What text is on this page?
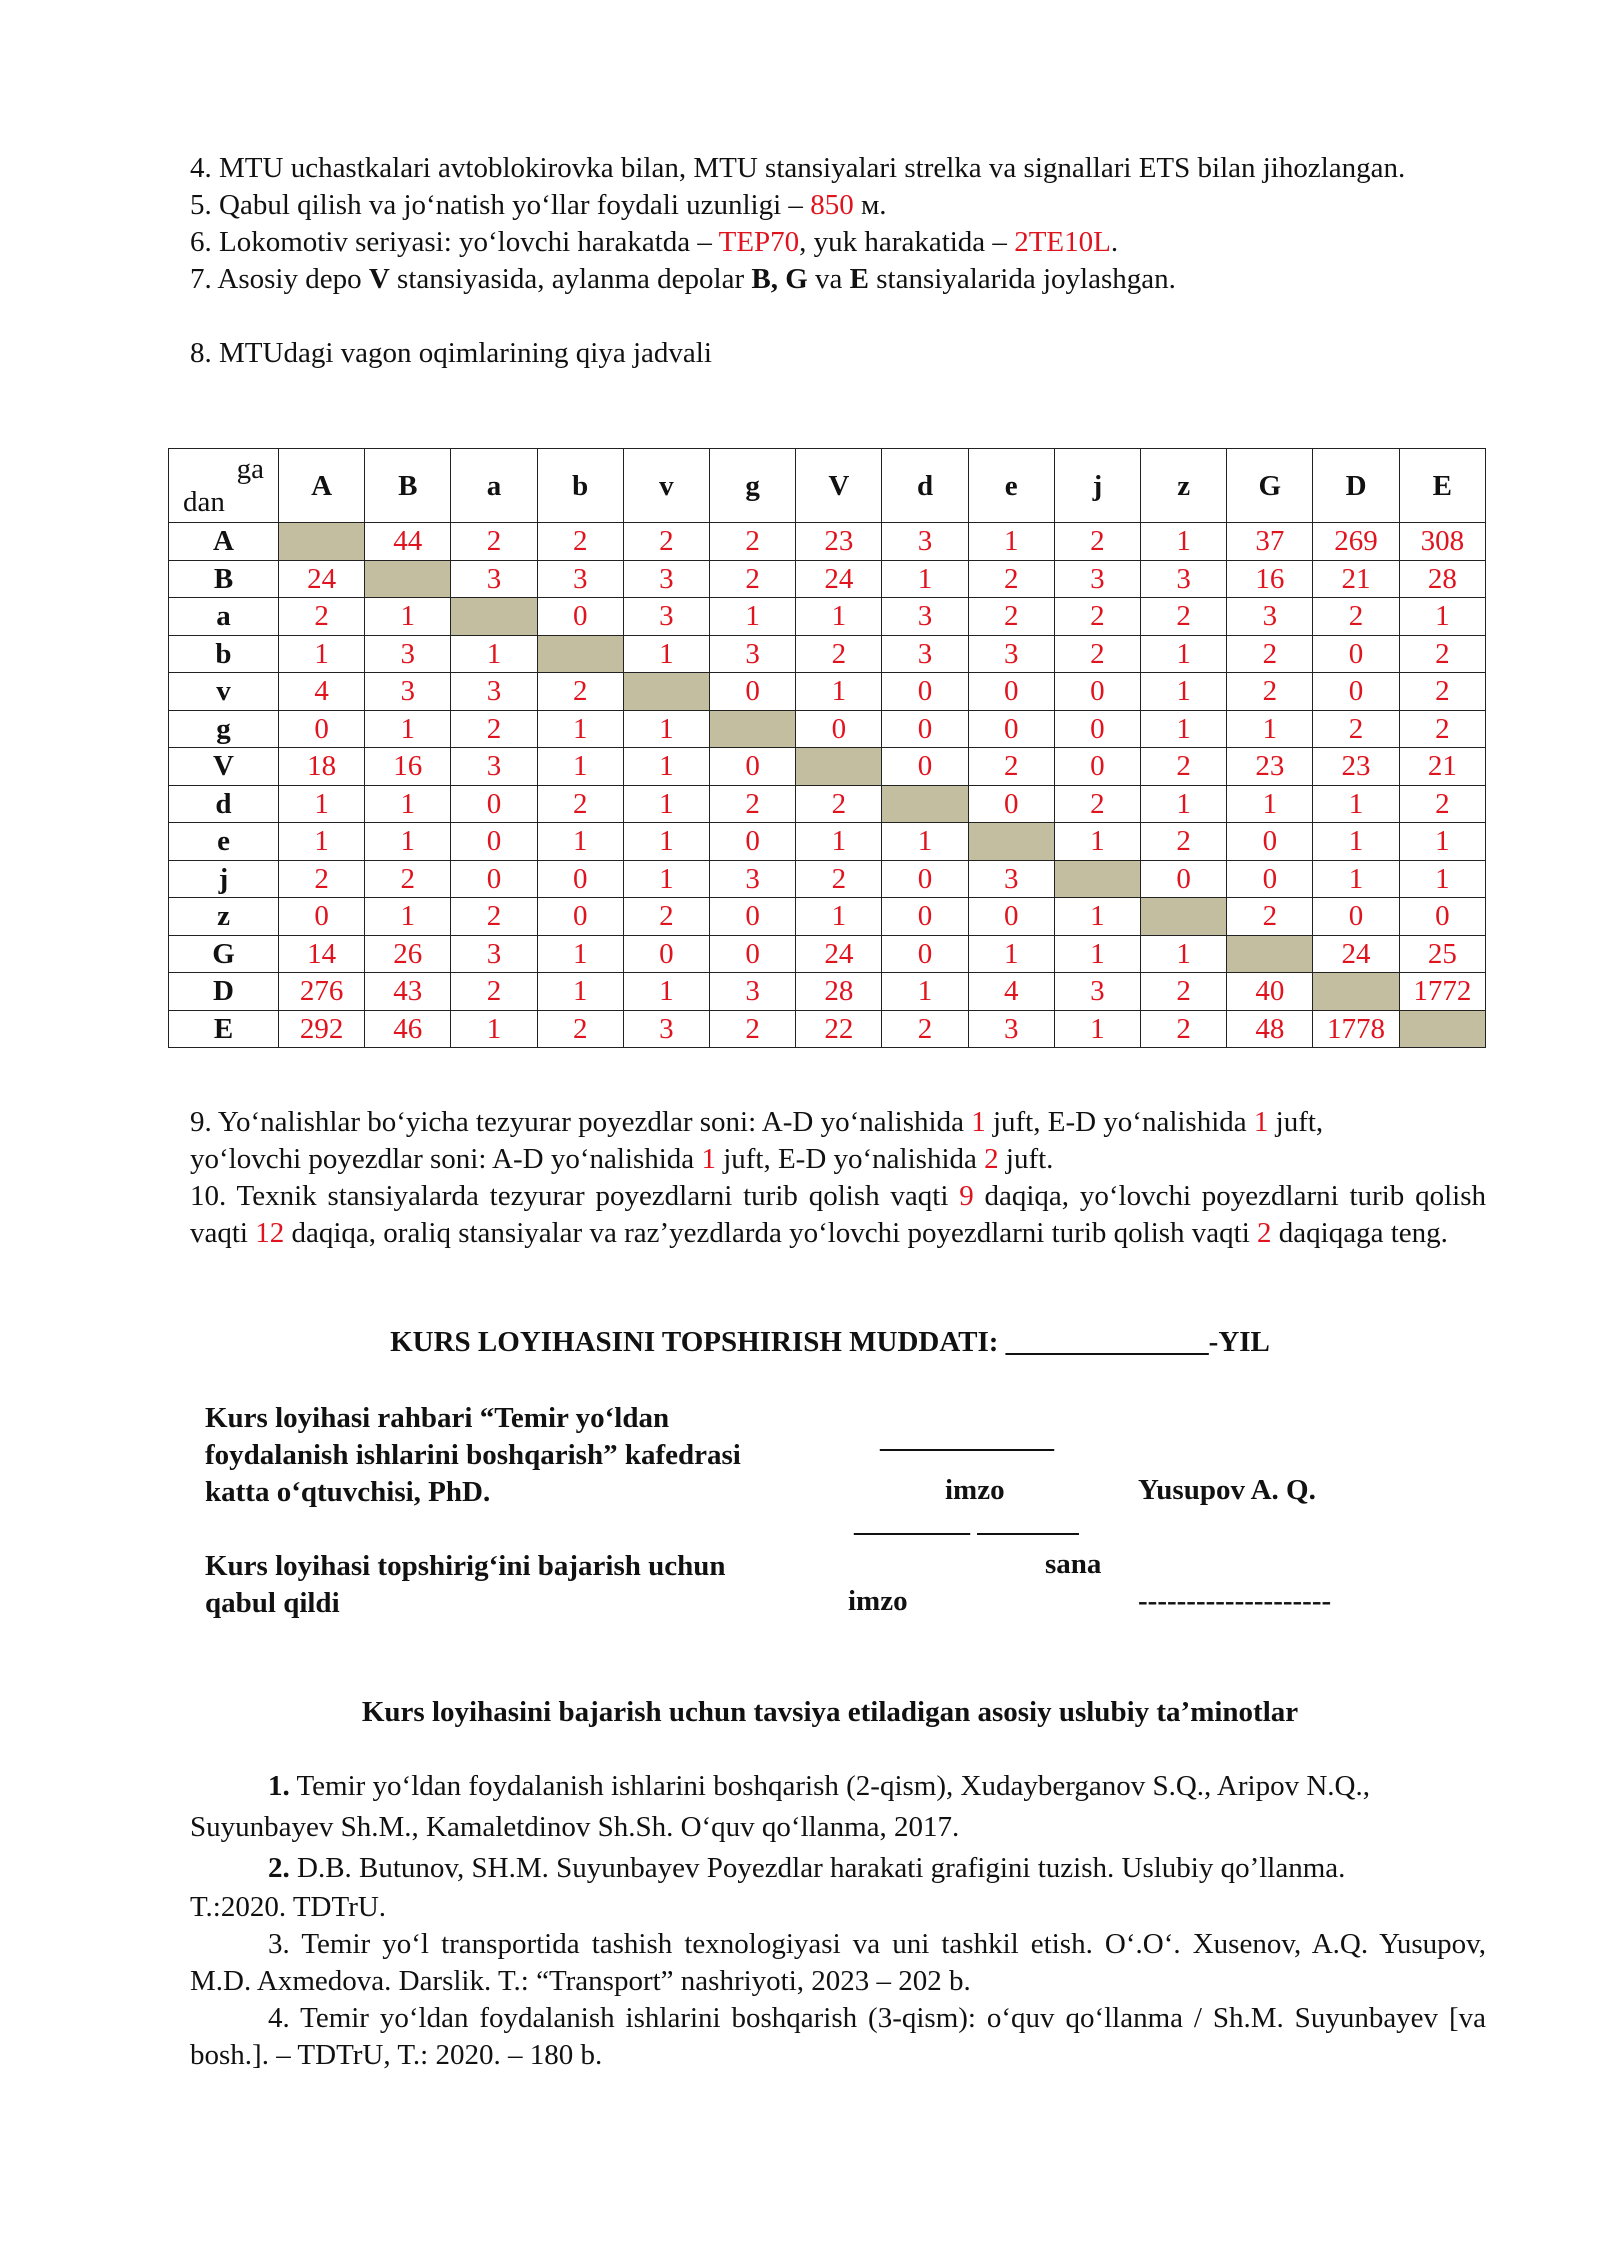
4. MTU uchastkalari avtoblokirovka bilan, MTU stansiyalari strelka va signallari ETS bilan jihozlangan.

5. Qabul qilish va jo‘natish yo‘llar foydali uzunligi – 850 м.

6. Lokomotiv seriyasi: yo‘lovchi harakatda – TEP70, yuk harakatida – 2TE10L.

7. Asosiy depo V stansiyasida, aylanma depolar B, G va E stansiyalarida joylashgan.

8. MTUdagi vagon oqimlarining qiya jadvali

ga
dan	A	B	a	b	v	g	V	d	e	j	z	G	D	E
A		44	2	2	2	2	23	3	1	2	1	37	269	308
B	24		3	3	3	2	24	1	2	3	3	16	21	28
a	2	1		0	3	1	1	3	2	2	2	3	2	1
b	1	3	1		1	3	2	3	3	2	1	2	0	2
v	4	3	3	2		0	1	0	0	0	1	2	0	2
g	0	1	2	1	1		0	0	0	0	1	1	2	2
V	18	16	3	1	1	0		0	2	0	2	23	23	21
d	1	1	0	2	1	2	2		0	2	1	1	1	2
e	1	1	0	1	1	0	1	1		1	2	0	1	1
j	2	2	0	0	1	3	2	0	3		0	0	1	1
z	0	1	2	0	2	0	1	0	0	1		2	0	0
G	14	26	3	1	0	0	24	0	1	1	1		24	25
D	276	43	2	1	1	3	28	1	4	3	2	40		1772
E	292	46	1	2	3	2	22	2	3	1	2	48	1778	

9. Yo‘nalishlar bo‘yicha tezyurar poyezdlar soni: A-D yo‘nalishida 1 juft, E-D yo‘nalishida 1 juft,
yo‘lovchi poyezdlar soni: A-D yo‘nalishida 1 juft, E-D yo‘nalishida 2 juft.

10. Texnik stansiyalarda tezyurar poyezdlarni turib qolish vaqti 9 daqiqa, yo‘lovchi poyezdlarni turib qolish vaqti 12 daqiqa, oraliq stansiyalar va raz’yezdlarda yo‘lovchi poyezdlarni turib qolish vaqti 2 daqiqaga teng.

KURS LOYIHASINI TOPSHIRISH MUDDATI: ______________-YIL
Kurs loyihasi rahbari “Temir yo‘ldan
foydalanish ishlarini boshqarish” kafedrasi
katta o‘qtuvchisi, PhD.
____________
imzo	Yusupov A. Q.
________ _______
Kurs loyihasi topshirig‘ini bajarish uchun
qabul qildi
sana
imzo	--------------------
Kurs loyihasini bajarish uchun tavsiya etiladigan asosiy uslubiy ta’minotlar

1. Temir yo‘ldan foydalanish ishlarini boshqarish (2-qism), Xudayberganov S.Q., Aripov N.Q.,

Suyunbayev Sh.M., Kamaletdinov Sh.Sh. O‘quv qo‘llanma, 2017.

2. D.B. Butunov, SH.M. Suyunbayev Poyezdlar harakati grafigini tuzish. Uslubiy qo’llanma.

T.:2020. TDTrU.

3. Temir yo‘l transportida tashish texnologiyasi va uni tashkil etish. O‘.O‘. Xusenov, A.Q. Yusupov, M.D. Axmedova. Darslik. T.: “Transport” nashriyoti, 2023 – 202 b.

4. Temir yo‘ldan foydalanish ishlarini boshqarish (3-qism): o‘quv qo‘llanma / Sh.M. Suyunbayev [va bosh.]. – TDTrU, T.: 2020. – 180 b.
